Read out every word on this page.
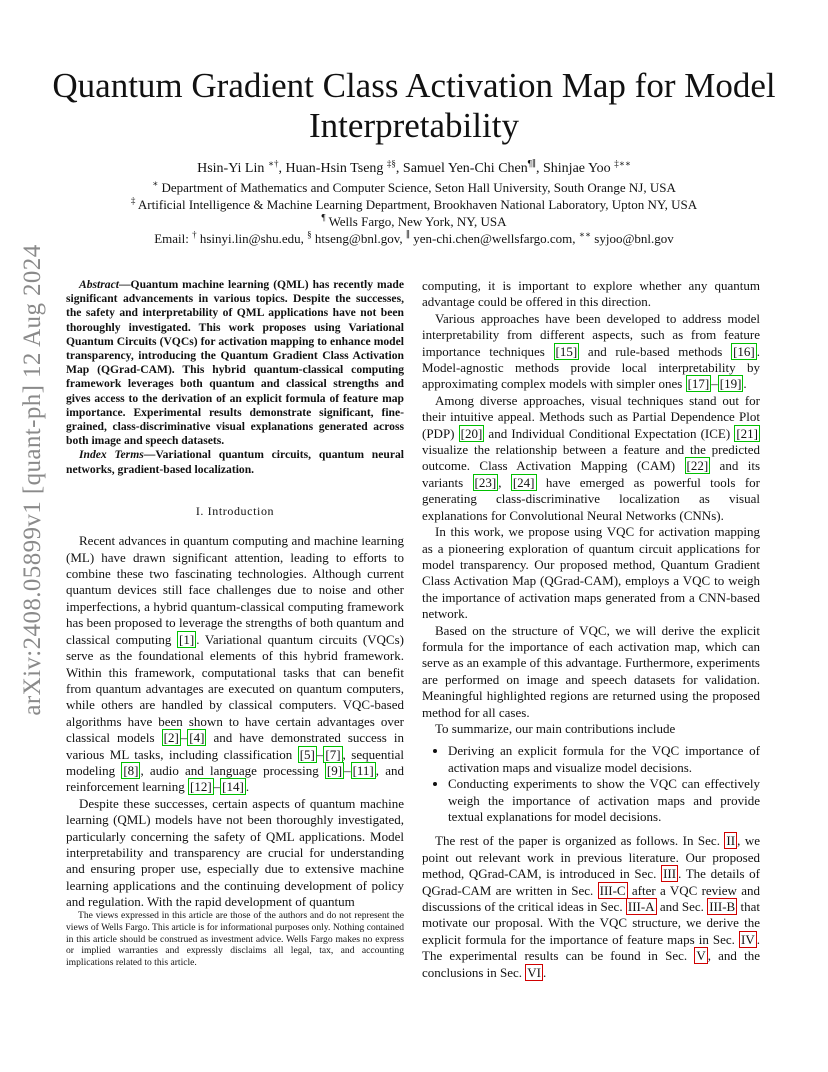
arXiv:2408.05899v1 [quant-ph] 12 Aug 2024
Quantum Gradient Class Activation Map for Model Interpretability
Hsin-Yi Lin ∗†, Huan-Hsin Tseng ‡§, Samuel Yen-Chi Chen¶∥, Shinjae Yoo ‡∗∗
∗ Department of Mathematics and Computer Science, Seton Hall University, South Orange NJ, USA
‡ Artificial Intelligence & Machine Learning Department, Brookhaven National Laboratory, Upton NY, USA
¶ Wells Fargo, New York, NY, USA
Email: † hsinyi.lin@shu.edu, § htseng@bnl.gov, ∥ yen-chi.chen@wellsfargo.com, ∗∗ syjoo@bnl.gov

Abstract—Quantum machine learning (QML) has recently made significant advancements in various topics. Despite the successes, the safety and interpretability of QML applications have not been thoroughly investigated. This work proposes using Variational Quantum Circuits (VQCs) for activation mapping to enhance model transparency, introducing the Quantum Gradient Class Activation Map (QGrad-CAM). This hybrid quantum-classical computing framework leverages both quantum and classical strengths and gives access to the derivation of an explicit formula of feature map importance. Experimental results demonstrate significant, fine-grained, class-discriminative visual explanations generated across both image and speech datasets.

Index Terms—Variational quantum circuits, quantum neural networks, gradient-based localization.

I. Introduction

Recent advances in quantum computing and machine learning (ML) have drawn significant attention, leading to efforts to combine these two fascinating technologies. Although current quantum devices still face challenges due to noise and other imperfections, a hybrid quantum-classical computing framework has been proposed to leverage the strengths of both quantum and classical computing [1] . Variational quantum circuits (VQCs) serve as the foundational elements of this hybrid framework. Within this framework, computational tasks that can benefit from quantum advantages are executed on quantum computers, while others are handled by classical computers. VQC-based algorithms have been shown to have certain advantages over classical models [2] – [4] and have demonstrated success in various ML tasks, including classification [5] – [7] , sequential modeling [8] , audio and language processing [9] – [11] , and reinforcement learning [12] – [14] .

Despite these successes, certain aspects of quantum machine learning (QML) models have not been thoroughly investigated, particularly concerning the safety of QML applications. Model interpretability and transparency are crucial for understanding and ensuring proper use, especially due to extensive machine learning applications and the continuing development of policy and regulation. With the rapid development of quantum

The views expressed in this article are those of the authors and do not represent the views of Wells Fargo. This article is for informational purposes only. Nothing contained in this article should be construed as investment advice. Wells Fargo makes no express or implied warranties and expressly disclaims all legal, tax, and accounting implications related to this article.

computing, it is important to explore whether any quantum advantage could be offered in this direction.

Various approaches have been developed to address model interpretability from different aspects, such as from feature importance techniques [15] and rule-based methods [16] . Model-agnostic methods provide local interpretability by approximating complex models with simpler ones [17] – [19] .

Among diverse approaches, visual techniques stand out for their intuitive appeal. Methods such as Partial Dependence Plot (PDP) [20] and Individual Conditional Expectation (ICE) [21] visualize the relationship between a feature and the predicted outcome. Class Activation Mapping (CAM) [22] and its variants [23] , [24] have emerged as powerful tools for generating class-discriminative localization as visual explanations for Convolutional Neural Networks (CNNs).

In this work, we propose using VQC for activation mapping as a pioneering exploration of quantum circuit applications for model transparency. Our proposed method, Quantum Gradient Class Activation Map (QGrad-CAM), employs a VQC to weigh the importance of activation maps generated from a CNN-based network.

Based on the structure of VQC, we will derive the explicit formula for the importance of each activation map, which can serve as an example of this advantage. Furthermore, experiments are performed on image and speech datasets for validation. Meaningful highlighted regions are returned using the proposed method for all cases.

To summarize, our main contributions include

• Deriving an explicit formula for the VQC importance of activation maps and visualize model decisions.
• Conducting experiments to show the VQC can effectively weigh the importance of activation maps and provide textual explanations for model decisions.

The rest of the paper is organized as follows. In Sec. II , we point out relevant work in previous literature. Our proposed method, QGrad-CAM, is introduced in Sec. III . The details of QGrad-CAM are written in Sec. III-C after a VQC review and discussions of the critical ideas in Sec. III-A and Sec. III-B that motivate our proposal. With the VQC structure, we derive the explicit formula for the importance of feature maps in Sec. IV . The experimental results can be found in Sec. V , and the conclusions in Sec. VI .
